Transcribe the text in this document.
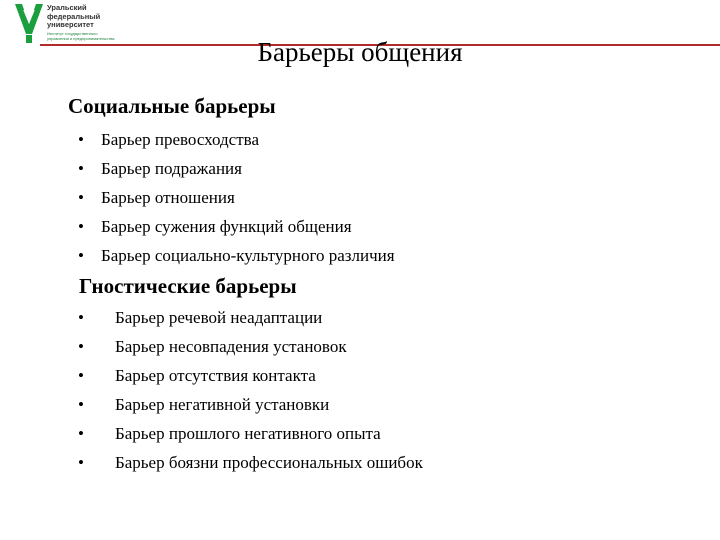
Уральский
федеральный
университет
Институт государственного
управления и предпринимательства	Барьеры общения
Социальные барьеры
• Барьер превосходства
• Барьер подражания
• Барьер отношения
• Барьер сужения функций общения
• Барьер социально-культурного различия
Гностические барьеры
• Барьер речевой неадаптации
• Барьер несовпадения установок
• Барьер отсутствия контакта
• Барьер негативной установки
• Барьер прошлого негативного опыта
• Барьер боязни профессиональных ошибок
